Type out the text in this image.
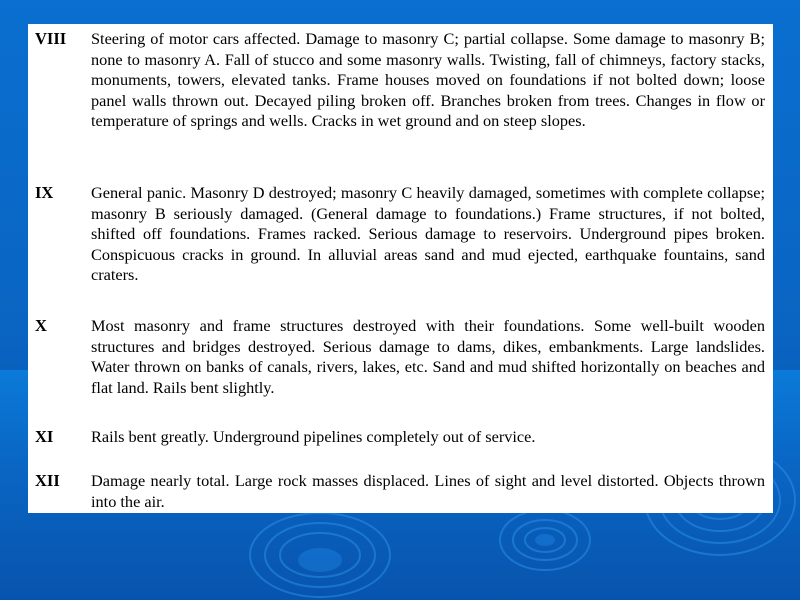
VIII Steering of motor cars affected. Damage to masonry C; partial collapse. Some damage to masonry B; none to masonry A. Fall of stucco and some masonry walls. Twisting, fall of chimneys, factory stacks, monuments, towers, elevated tanks. Frame houses moved on foundations if not bolted down; loose panel walls thrown out. Decayed piling broken off. Branches broken from trees. Changes in flow or temperature of springs and wells. Cracks in wet ground and on steep slopes.
IX General panic. Masonry D destroyed; masonry C heavily damaged, sometimes with complete collapse; masonry B seriously damaged. (General damage to foundations.) Frame structures, if not bolted, shifted off foundations. Frames racked. Serious damage to reservoirs. Underground pipes broken. Conspicuous cracks in ground. In alluvial areas sand and mud ejected, earthquake fountains, sand craters.
X	Most masonry and frame structures destroyed with their foundations. Some well-built wooden structures and bridges destroyed. Serious damage to dams, dikes, embankments. Large landslides. Water thrown on banks of canals, rivers, lakes, etc. Sand and mud shifted horizontally on beaches and flat land. Rails bent slightly.
XI Rails bent greatly. Underground pipelines completely out of service.
XII Damage nearly total. Large rock masses displaced. Lines of sight and level distorted. Objects thrown into the air.
